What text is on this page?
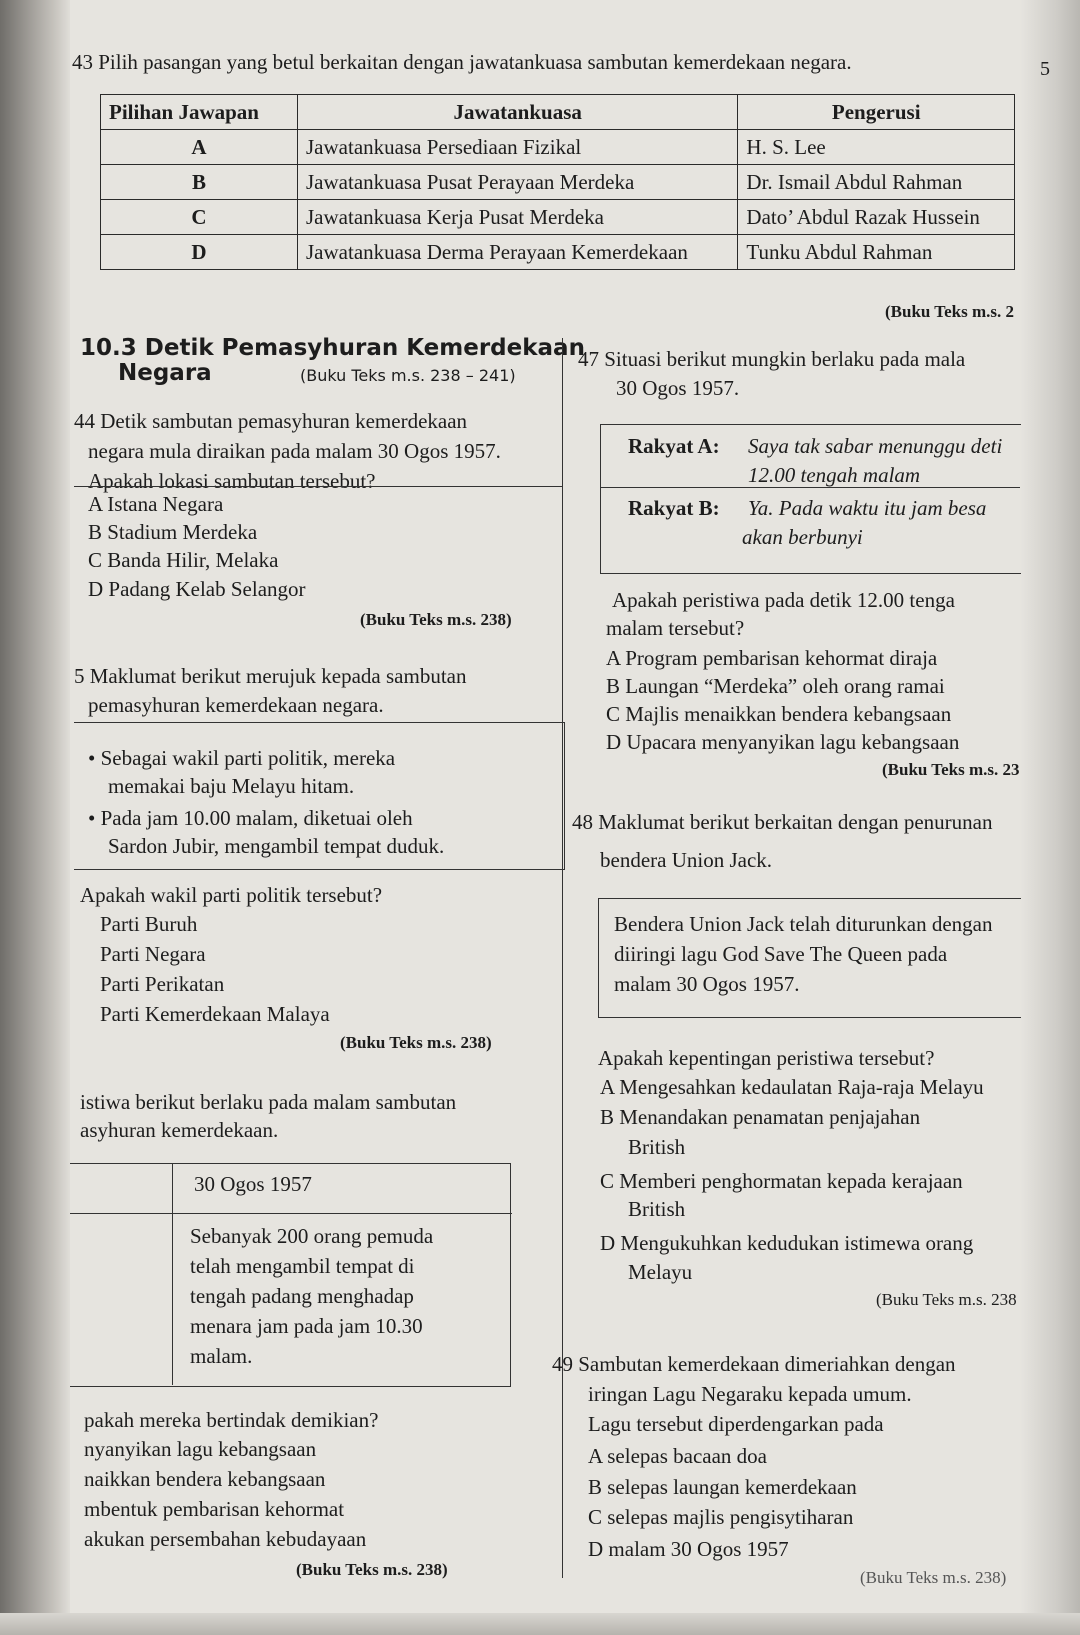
5
43 Pilih pasangan yang betul berkaitan dengan jawatankuasa sambutan kemerdekaan negara.
Pilihan Jawapan	Jawatankuasa	Pengerusi
A	Jawatankuasa Persediaan Fizikal	H. S. Lee
B	Jawatankuasa Pusat Perayaan Merdeka	Dr. Ismail Abdul Rahman
C	Jawatankuasa Kerja Pusat Merdeka	Dato’ Abdul Razak Hussein
D	Jawatankuasa Derma Perayaan Kemerdekaan	Tunku Abdul Rahman
(Buku Teks m.s. 2
10.3 Detik Pemasyhuran Kemerdekaan
Negara	(Buku Teks m.s. 238 – 241)
44 Detik sambutan pemasyhuran kemerdekaan
negara mula diraikan pada malam 30 Ogos 1957.
Apakah lokasi sambutan tersebut?
A Istana Negara
B Stadium Merdeka
C Banda Hilir, Melaka
D Padang Kelab Selangor
(Buku Teks m.s. 238)
5 Maklumat berikut merujuk kepada sambutan
pemasyhuran kemerdekaan negara.
• Sebagai wakil parti politik, mereka
memakai baju Melayu hitam.
• Pada jam 10.00 malam, diketuai oleh
Sardon Jubir, mengambil tempat duduk.
Apakah wakil parti politik tersebut?
Parti Buruh
Parti Negara
Parti Perikatan
Parti Kemerdekaan Malaya
(Buku Teks m.s. 238)
istiwa berikut berlaku pada malam sambutan
asyhuran kemerdekaan.
30 Ogos 1957
Sebanyak 200 orang pemuda
telah mengambil tempat di
tengah padang menghadap
menara jam pada jam 10.30
malam.
pakah mereka bertindak demikian?
nyanyikan lagu kebangsaan
naikkan bendera kebangsaan
mbentuk pembarisan kehormat
akukan persembahan kebudayaan
(Buku Teks m.s. 238)
47 Situasi berikut mungkin berlaku pada mala
30 Ogos 1957.
Rakyat A: Saya tak sabar menunggu deti
12.00 tengah malam
Rakyat B: Ya. Pada waktu itu jam besa
akan berbunyi
Apakah peristiwa pada detik 12.00 tenga
malam tersebut?
A Program pembarisan kehormat diraja
B Laungan “Merdeka” oleh orang ramai
C Majlis menaikkan bendera kebangsaan
D Upacara menyanyikan lagu kebangsaan
(Buku Teks m.s. 23
48 Maklumat berikut berkaitan dengan penurunan
bendera Union Jack.
Bendera Union Jack telah diturunkan dengan
diiringi lagu God Save The Queen pada
malam 30 Ogos 1957.
Apakah kepentingan peristiwa tersebut?
A Mengesahkan kedaulatan Raja-raja Melayu
B Menandakan penamatan penjajahan
British
C Memberi penghormatan kepada kerajaan
British
D Mengukuhkan kedudukan istimewa orang
Melayu
(Buku Teks m.s. 238
49 Sambutan kemerdekaan dimeriahkan dengan
iringan Lagu Negaraku kepada umum.
Lagu tersebut diperdengarkan pada
A selepas bacaan doa
B selepas laungan kemerdekaan
C selepas majlis pengisytiharan
D malam 30 Ogos 1957
(Buku Teks m.s. 238)
